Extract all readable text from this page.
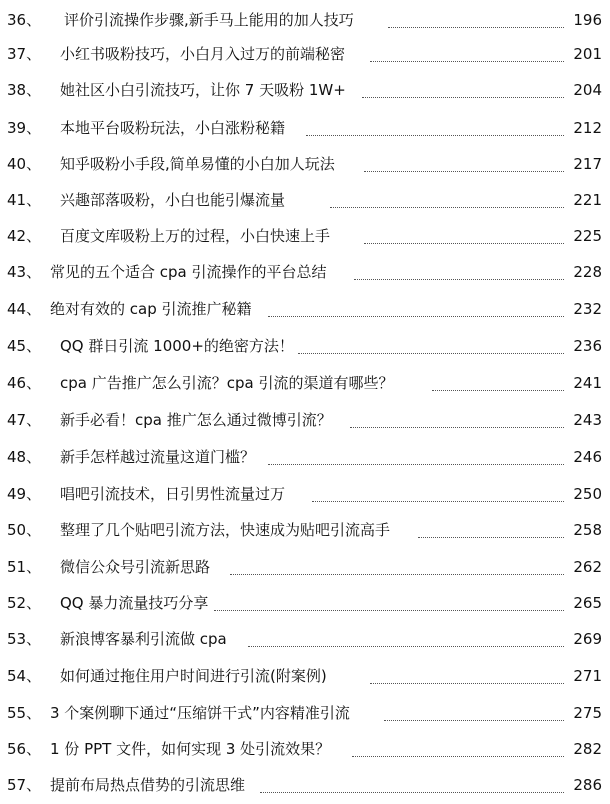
36、 评价引流操作步骤,新手马上能用的加人技巧	196
37、 小红书吸粉技巧，小白月入过万的前端秘密	201
38、 她社区小白引流技巧，让你 7 天吸粉 1W+	204
39、 本地平台吸粉玩法，小白涨粉秘籍	212
40、 知乎吸粉小手段,简单易懂的小白加人玩法	217
41、 兴趣部落吸粉，小白也能引爆流量	221
42、 百度文库吸粉上万的过程，小白快速上手	225
43、 常见的五个适合 cpa 引流操作的平台总结	228
44、 绝对有效的 cap 引流推广秘籍	232
45、 QQ 群日引流 1000+的绝密方法！	236
46、 cpa 广告推广怎么引流？cpa 引流的渠道有哪些？	241
47、 新手必看！cpa 推广怎么通过微博引流？	243
48、 新手怎样越过流量这道门槛？	246
49、 唱吧引流技术，日引男性流量过万	250
50、 整理了几个贴吧引流方法，快速成为贴吧引流高手	258
51、 微信公众号引流新思路	262
52、 QQ 暴力流量技巧分享	265
53、 新浪博客暴利引流做 cpa	269
54、 如何通过拖住用户时间进行引流(附案例)	271
55、 3 个案例聊下通过“压缩饼干式”内容精准引流	275
56、 1 份 PPT 文件，如何实现 3 处引流效果？	282
57、 提前布局热点借势的引流思维	286
